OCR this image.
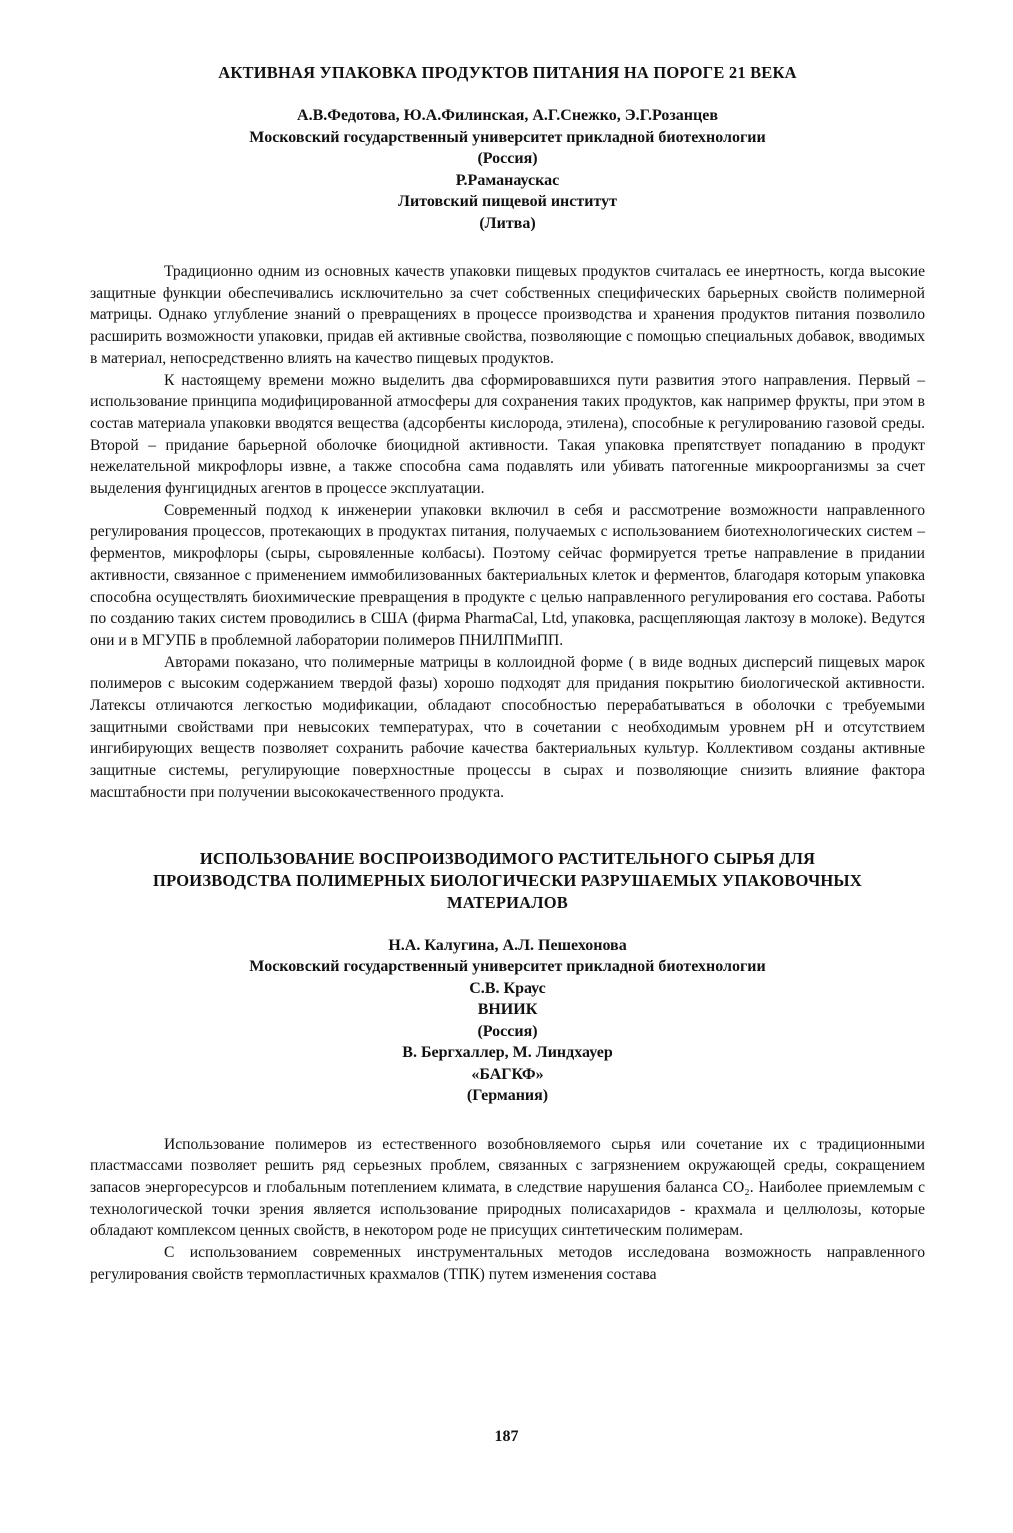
АКТИВНАЯ УПАКОВКА ПРОДУКТОВ ПИТАНИЯ НА ПОРОГЕ 21 ВЕКА
А.В.Федотова, Ю.А.Филинская, А.Г.Снежко, Э.Г.Розанцев
Московский государственный университет прикладной биотехнологии
(Россия)
Р.Раманаускас
Литовский пищевой институт
(Литва)

Традиционно одним из основных качеств упаковки пищевых продуктов считалась ее инертность, когда высокие защитные функции обеспечивались исключительно за счет собственных специфических барьерных свойств полимерной матрицы. Однако углубление знаний о превращениях в процессе производства и хранения продуктов питания позволило расширить возможности упаковки, придав ей активные свойства, позволяющие с помощью специальных добавок, вводимых в материал, непосредственно влиять на качество пищевых продуктов.

К настоящему времени можно выделить два сформировавшихся пути развития этого направления. Первый – использование принципа модифицированной атмосферы для сохранения таких продуктов, как например фрукты, при этом в состав материала упаковки вводятся вещества (адсорбенты кислорода, этилена), способные к регулированию газовой среды. Второй – придание барьерной оболочке биоцидной активности. Такая упаковка препятствует попаданию в продукт нежелательной микрофлоры извне, а также способна сама подавлять или убивать патогенные микроорганизмы за счет выделения фунгицидных агентов в процессе эксплуатации.

Современный подход к инженерии упаковки включил в себя и рассмотрение возможности направленного регулирования процессов, протекающих в продуктах питания, получаемых с использованием биотехнологических систем – ферментов, микрофлоры (сыры, сыровяленные колбасы). Поэтому сейчас формируется третье направление в придании активности, связанное с применением иммобилизованных бактериальных клеток и ферментов, благодаря которым упаковка способна осуществлять биохимические превращения в продукте с целью направленного регулирования его состава. Работы по созданию таких систем проводились в США (фирма PharmaCal, Ltd, упаковка, расщепляющая лактозу в молоке). Ведутся они и в МГУПБ в проблемной лаборатории полимеров ПНИЛПМиПП.

Авторами показано, что полимерные матрицы в коллоидной форме ( в виде водных дисперсий пищевых марок полимеров с высоким содержанием твердой фазы) хорошо подходят для придания покрытию биологической активности. Латексы отличаются легкостью модификации, обладают способностью перерабатываться в оболочки с требуемыми защитными свойствами при невысоких температурах, что в сочетании с необходимым уровнем pH и отсутствием ингибирующих веществ позволяет сохранить рабочие качества бактериальных культур. Коллективом созданы активные защитные системы, регулирующие поверхностные процессы в сырах и позволяющие снизить влияние фактора масштабности при получении высококачественного продукта.

ИСПОЛЬЗОВАНИЕ ВОСПРОИЗВОДИМОГО РАСТИТЕЛЬНОГО СЫРЬЯ ДЛЯ
ПРОИЗВОДСТВА ПОЛИМЕРНЫХ БИОЛОГИЧЕСКИ РАЗРУШАЕМЫХ УПАКОВОЧНЫХ
МАТЕРИАЛОВ
Н.А. Калугина, А.Л. Пешехонова
Московский государственный университет прикладной биотехнологии
С.В. Краус
ВНИИК
(Россия)
В. Бергхаллер, М. Линдхауер
«БАГКФ»
(Германия)

Использование полимеров из естественного возобновляемого сырья или сочетание их с традиционными пластмассами позволяет решить ряд серьезных проблем, связанных с загрязнением окружающей среды, сокращением запасов энергоресурсов и глобальным потеплением климата, в следствие нарушения баланса CO₂. Наиболее приемлемым с технологической точки зрения является использование природных полисахаридов - крахмала и целлюлозы, которые обладают комплексом ценных свойств, в некотором роде не присущих синтетическим полимерам.

С использованием современных инструментальных методов исследована возможность направленного регулирования свойств термопластичных крахмалов (ТПК) путем изменения состава

187
